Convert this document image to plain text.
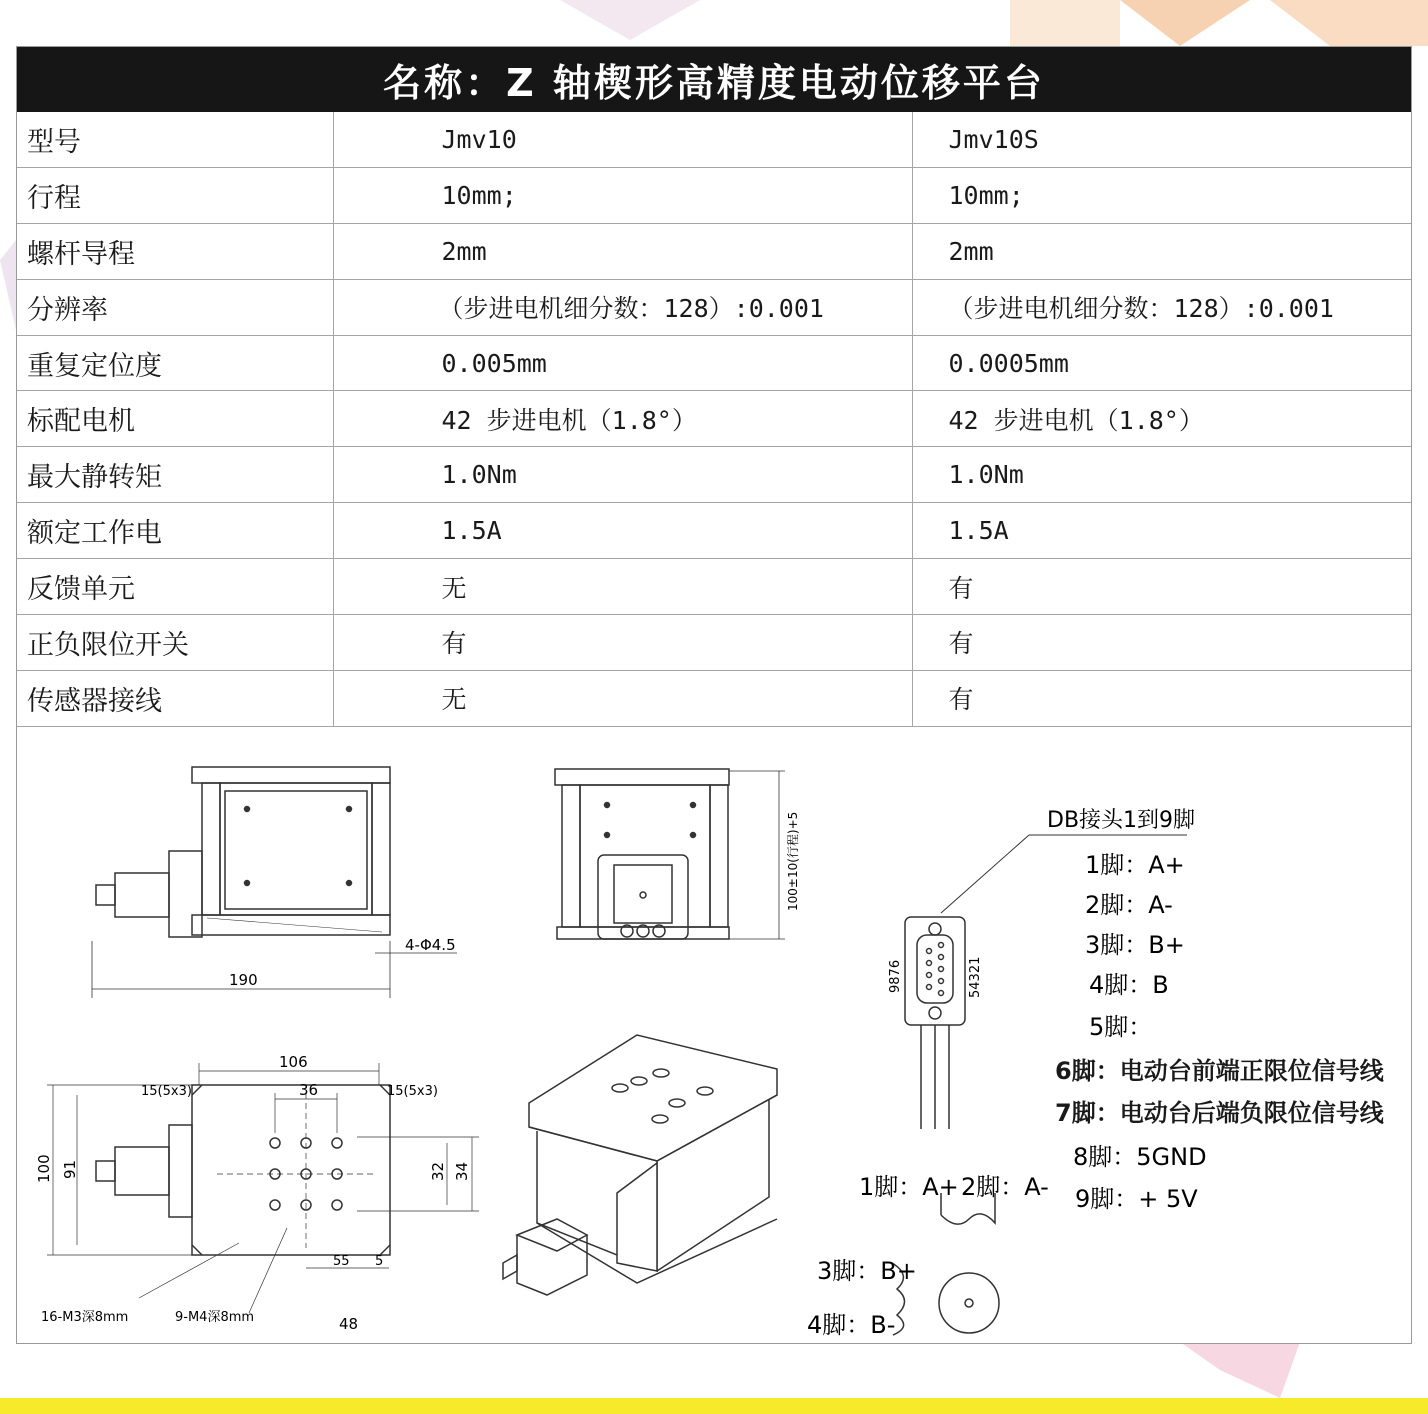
名称：Z 轴楔形高精度电动位移平台
型号	Jmv10	Jmv10S
行程	10mm;	10mm;
螺杆导程	2mm	2mm
分辨率	（步进电机细分数：128）:0.001	（步进电机细分数：128）:0.001
重复定位度	0.005mm	0.0005mm
标配电机	42 步进电机（1.8°）	42 步进电机（1.8°）
最大静转矩	1.0Nm	1.0Nm
额定工作电	1.5A	1.5A
反馈单元	无	有
正负限位开关	有	有
传感器接线	无	有
190
4-Φ4.5
100±10(行程)+5
106
36
15(5x3)	15(5x3)
100 91	32 34
55 5
48
16-M3深8mm	9-M4深8mm
DB接头1到9脚
9876	54321
1脚：A+
2脚：A-
3脚：B+
4脚：B
5脚：
6脚：电动台前端正限位信号线
7脚：电动台后端负限位信号线
8脚：5GND
9脚：+ 5V
1脚：A+ 2脚：A-
3脚：B+
4脚：B-
